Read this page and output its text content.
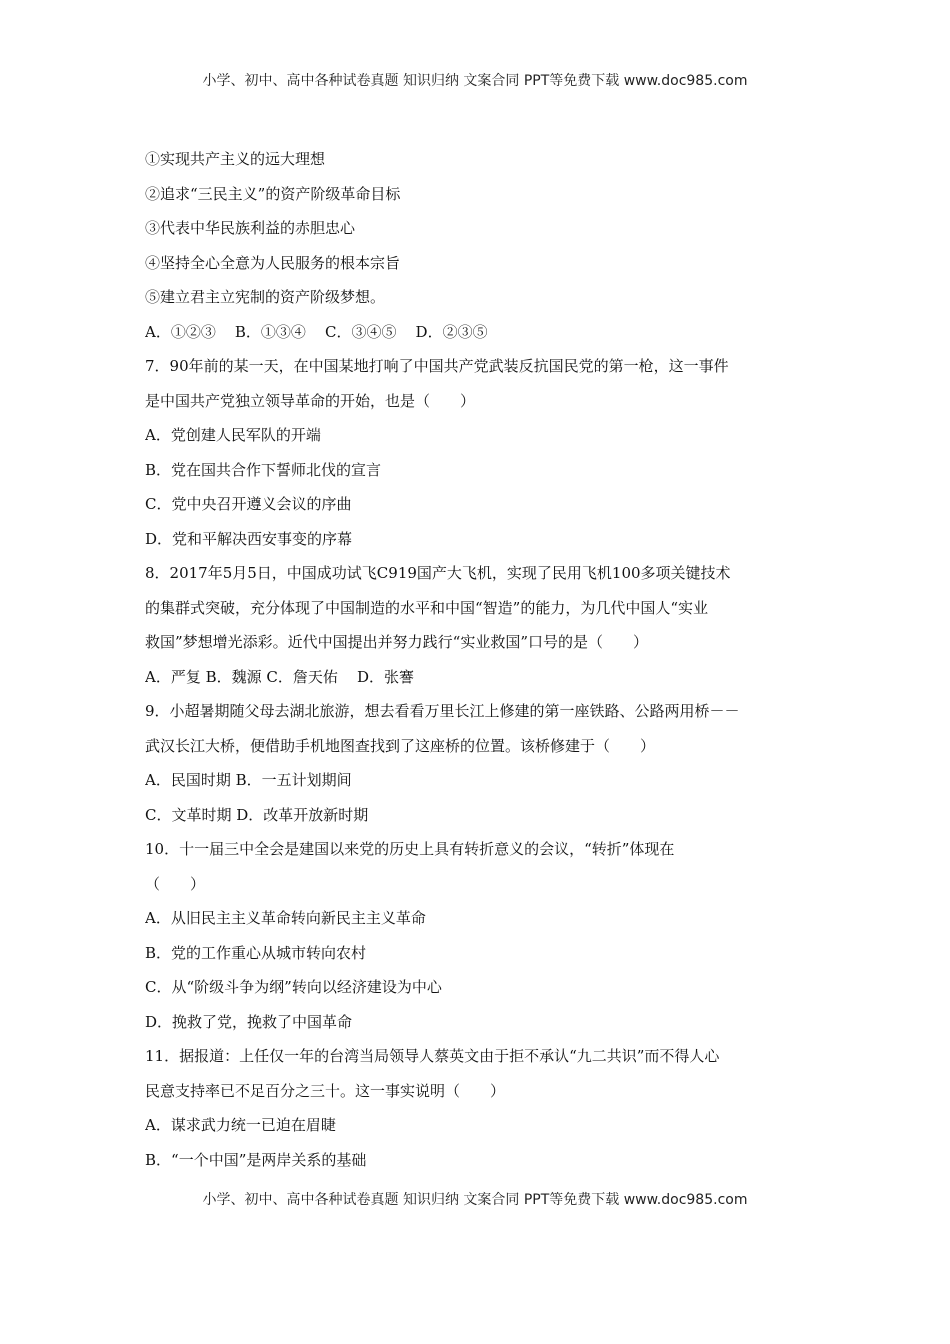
小学、初中、高中各种试卷真题 知识归纳 文案合同 PPT等免费下载 www.doc985.com
①实现共产主义的远大理想
②追求“三民主义”的资产阶级革命目标
③代表中华民族利益的赤胆忠心
④坚持全心全意为人民服务的根本宗旨
⑤建立君主立宪制的资产阶级梦想。
A．①②③    B．①③④    C．③④⑤    D．②③⑤
7．90年前的某一天，在中国某地打响了中国共产党武装反抗国民党的第一枪，这一事件
是中国共产党独立领导革命的开始，也是（　　）
A．党创建人民军队的开端
B．党在国共合作下誓师北伐的宣言
C．党中央召开遵义会议的序曲
D．党和平解决西安事变的序幕
8．2017年5月5日，中国成功试飞C919国产大飞机，实现了民用飞机100多项关键技术
的集群式突破，充分体现了中国制造的水平和中国“智造”的能力，为几代中国人“实业
救国”梦想增光添彩。近代中国提出并努力践行“实业救国”口号的是（　　）
A．严复 B．魏源 C．詹天佑    D．张謇
9．小超暑期随父母去湖北旅游，想去看看万里长江上修建的第一座铁路、公路两用桥－－
武汉长江大桥，便借助手机地图查找到了这座桥的位置。该桥修建于（　　）
A．民国时期 B．一五计划期间
C．文革时期 D．改革开放新时期
10．十一届三中全会是建国以来党的历史上具有转折意义的会议，“转折”体现在
（　　）
A．从旧民主主义革命转向新民主主义革命
B．党的工作重心从城市转向农村
C．从“阶级斗争为纲”转向以经济建设为中心
D．挽救了党，挽救了中国革命
11．据报道：上任仅一年的台湾当局领导人蔡英文由于拒不承认“九二共识”而不得人心
民意支持率已不足百分之三十。这一事实说明（　　）
A．谋求武力统一已迫在眉睫
B．“一个中国”是两岸关系的基础
小学、初中、高中各种试卷真题 知识归纳 文案合同 PPT等免费下载 www.doc985.com
